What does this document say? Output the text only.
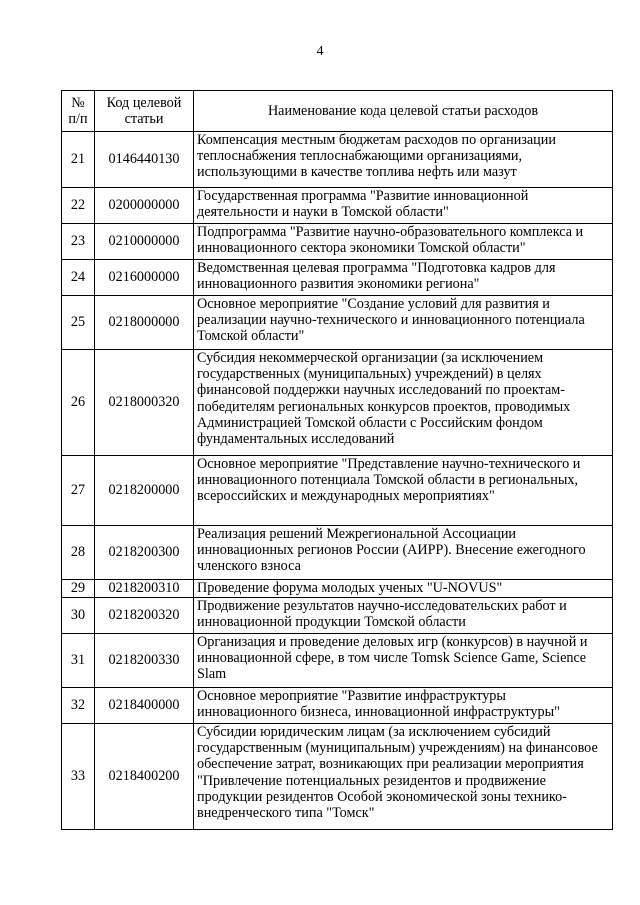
4
№ п/п	Код целевой статьи	Наименование кода целевой статьи расходов
21	0146440130	Компенсация местным бюджетам расходов по организации теплоснабжения теплоснабжающими организациями, использующими в качестве топлива нефть или мазут
22	0200000000	Государственная программа "Развитие инновационной деятельности и науки в Томской области"
23	0210000000	Подпрограмма "Развитие научно-образовательного комплекса и инновационного сектора экономики Томской области"
24	0216000000	Ведомственная целевая программа "Подготовка кадров для инновационного развития экономики региона"
25	0218000000	Основное мероприятие "Создание условий для развития и реализации научно-технического и инновационного потенциала Томской области"
26	0218000320	Субсидия некоммерческой организации (за исключением государственных (муниципальных) учреждений) в целях финансовой поддержки научных исследований по проектам-победителям региональных конкурсов проектов, проводимых Администрацией Томской области с Российским фондом фундаментальных исследований
27	0218200000	Основное мероприятие "Представление научно-технического и инновационного потенциала Томской области в региональных, всероссийских и международных мероприятиях"
28	0218200300	Реализация решений Межрегиональной Ассоциации инновационных регионов России (АИРР). Внесение ежегодного членского взноса
29	0218200310	Проведение форума молодых ученых "U-NOVUS"
30	0218200320	Продвижение результатов научно-исследовательских работ и инновационной продукции Томской области
31	0218200330	Организация и проведение деловых игр (конкурсов) в научной и инновационной сфере, в том числе Tomsk Science Game, Science Slam
32	0218400000	Основное мероприятие "Развитие инфраструктуры инновационного бизнеса, инновационной инфраструктуры"
33	0218400200	Субсидии юридическим лицам (за исключением субсидий государственным (муниципальным) учреждениям) на финансовое обеспечение затрат, возникающих при реализации мероприятия "Привлечение потенциальных резидентов и продвижение продукции резидентов Особой экономической зоны технико-внедренческого типа "Томск"
